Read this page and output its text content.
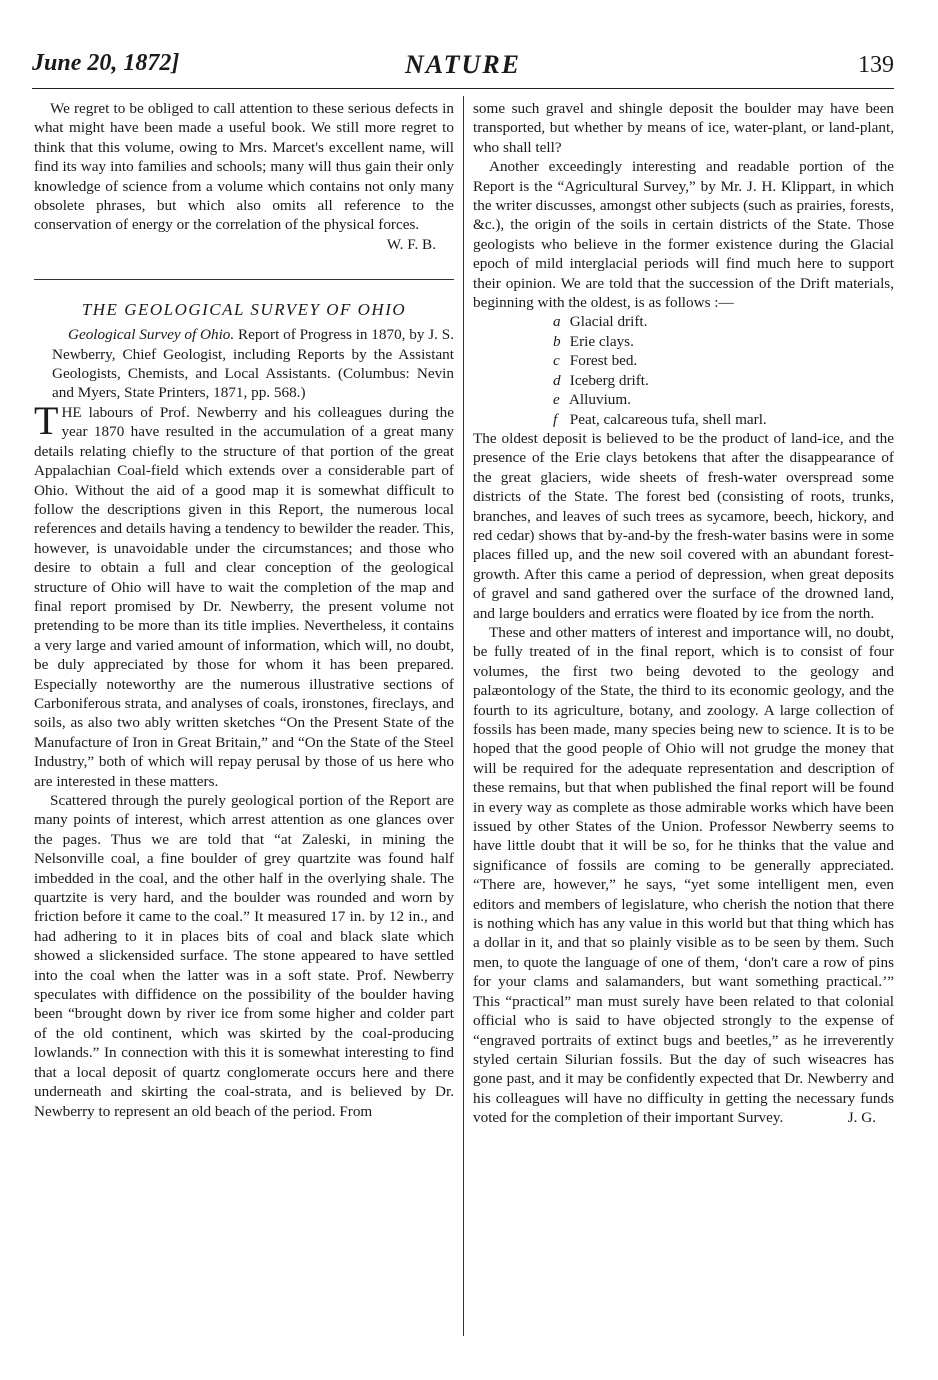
June 20, 1872]	NATURE	139

We regret to be obliged to call attention to these serious defects in what might have been made a useful book. We still more regret to think that this volume, owing to Mrs. Marcet's excellent name, will find its way into families and schools; many will thus gain their only knowledge of science from a volume which contains not only many obsolete phrases, but which also omits all reference to the conservation of energy or the correlation of the physical forces.
W. F. B.

THE GEOLOGICAL SURVEY OF OHIO

Geological Survey of Ohio. Report of Progress in 1870, by J. S. Newberry, Chief Geologist, including Reports by the Assistant Geologists, Chemists, and Local Assistants. (Columbus: Nevin and Myers, State Printers, 1871, pp. 568.)

THE labours of Prof. Newberry and his colleagues during the year 1870 have resulted in the accumulation of a great many details relating chiefly to the structure of that portion of the great Appalachian Coal-field which extends over a considerable part of Ohio. Without the aid of a good map it is somewhat difficult to follow the descriptions given in this Report, the numerous local references and details having a tendency to bewilder the reader. This, however, is unavoidable under the circumstances; and those who desire to obtain a full and clear conception of the geological structure of Ohio will have to wait the completion of the map and final report promised by Dr. Newberry, the present volume not pretending to be more than its title implies. Nevertheless, it contains a very large and varied amount of information, which will, no doubt, be duly appreciated by those for whom it has been prepared. Especially noteworthy are the numerous illustrative sections of Carboniferous strata, and analyses of coals, ironstones, fireclays, and soils, as also two ably written sketches “On the Present State of the Manufacture of Iron in Great Britain,” and “On the State of the Steel Industry,” both of which will repay perusal by those of us here who are interested in these matters.

Scattered through the purely geological portion of the Report are many points of interest, which arrest attention as one glances over the pages. Thus we are told that “at Zaleski, in mining the Nelsonville coal, a fine boulder of grey quartzite was found half imbedded in the coal, and the other half in the overlying shale. The quartzite is very hard, and the boulder was rounded and worn by friction before it came to the coal.” It measured 17 in. by 12 in., and had adhering to it in places bits of coal and black slate which showed a slickensided surface. The stone appeared to have settled into the coal when the latter was in a soft state. Prof. Newberry speculates with diffidence on the possibility of the boulder having been “brought down by river ice from some higher and colder part of the old continent, which was skirted by the coal-producing lowlands.” In connection with this it is somewhat interesting to find that a local deposit of quartz conglomerate occurs here and there underneath and skirting the coal-strata, and is believed by Dr. Newberry to represent an old beach of the period. From

some such gravel and shingle deposit the boulder may have been transported, but whether by means of ice, water-plant, or land-plant, who shall tell?

Another exceedingly interesting and readable portion of the Report is the “Agricultural Survey,” by Mr. J. H. Klippart, in which the writer discusses, amongst other subjects (such as prairies, forests, &c.), the origin of the soils in certain districts of the State. Those geologists who believe in the former existence during the Glacial epoch of mild interglacial periods will find much here to support their opinion. We are told that the succession of the Drift materials, beginning with the oldest, is as follows :—

a Glacial drift.
b Erie clays.
c Forest bed.
d Iceberg drift.
e Alluvium.
f Peat, calcareous tufa, shell marl.

The oldest deposit is believed to be the product of land-ice, and the presence of the Erie clays betokens that after the disappearance of the great glaciers, wide sheets of fresh-water overspread some districts of the State. The forest bed (consisting of roots, trunks, branches, and leaves of such trees as sycamore, beech, hickory, and red cedar) shows that by-and-by the fresh-water basins were in some places filled up, and the new soil covered with an abundant forest-growth. After this came a period of depression, when great deposits of gravel and sand gathered over the surface of the drowned land, and large boulders and erratics were floated by ice from the north.

These and other matters of interest and importance will, no doubt, be fully treated of in the final report, which is to consist of four volumes, the first two being devoted to the geology and palæontology of the State, the third to its economic geology, and the fourth to its agriculture, botany, and zoology. A large collection of fossils has been made, many species being new to science. It is to be hoped that the good people of Ohio will not grudge the money that will be required for the adequate representation and description of these remains, but that when published the final report will be found in every way as complete as those admirable works which have been issued by other States of the Union. Professor Newberry seems to have little doubt that it will be so, for he thinks that the value and significance of fossils are coming to be generally appreciated. “There are, however,” he says, “yet some intelligent men, even editors and members of legislature, who cherish the notion that there is nothing which has any value in this world but that thing which has a dollar in it, and that so plainly visible as to be seen by them. Such men, to quote the language of one of them, ‘don't care a row of pins for your clams and salamanders, but want something practical.’” This “practical” man must surely have been related to that colonial official who is said to have objected strongly to the expense of “engraved portraits of extinct bugs and beetles,” as he irreverently styled certain Silurian fossils. But the day of such wiseacres has gone past, and it may be confidently expected that Dr. Newberry and his colleagues will have no difficulty in getting the necessary funds voted for the completion of their important Survey.	J. G.
